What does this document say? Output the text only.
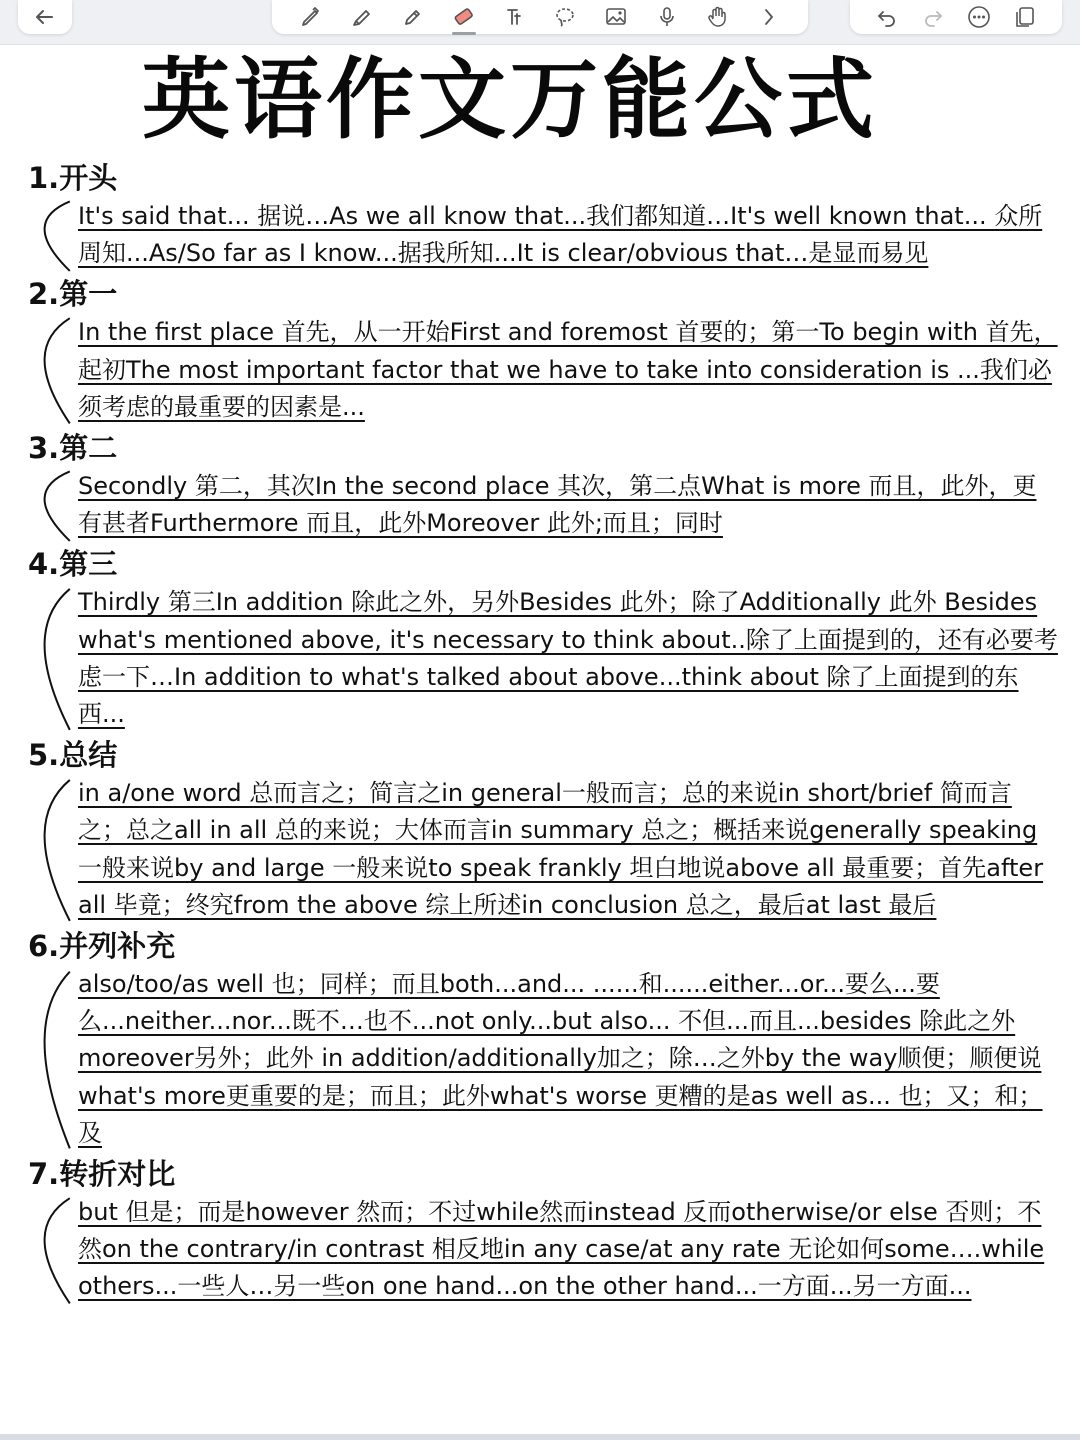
英语作文万能公式
1.开头
It's said that... 据说…As we all know that...我们都知道…It's well known that... 众所周知...As/So far as I know...据我所知...It is clear/obvious that…是显而易见
2.第一
In the first place 首先，从一开始First and foremost 首要的；第一To begin with 首先，起初The most important factor that we have to take into consideration is ...我们必须考虑的最重要的因素是...
3.第二
Secondly 第二，其次In the second place 其次，第二点What is more 而且，此外，更有甚者Furthermore 而且，此外Moreover 此外;而且；同时
4.第三
Thirdly 第三In addition 除此之外，另外Besides 此外；除了Additionally 此外 Besides what's mentioned above, it's necessary to think about..除了上面提到的，还有必要考虑一下…In addition to what's talked about above...think about 除了上面提到的东西...
5.总结
in a/one word 总而言之；简言之in general一般而言；总的来说in short/brief 简而言之；总之all in all 总的来说；大体而言in summary 总之；概括来说generally speaking一般来说by and large 一般来说to speak frankly 坦白地说above all 最重要；首先after all 毕竟；终究from the above 综上所述in conclusion 总之，最后at last 最后
6.并列补充
also/too/as well 也；同样；而且both...and... ......和......either...or...要么...要么...neither...nor...既不…也不...not only...but also... 不但...而且...besides 除此之外moreover另外；此外 in addition/additionally加之；除…之外by the way顺便；顺便说what's more更重要的是；而且；此外what's worse 更糟的是as well as... 也；又；和；及
7.转折对比
but 但是；而是however 然而；不过while然而instead 反而otherwise/or else 否则；不然on the contrary/in contrast 相反地in any case/at any rate 无论如何some….while others...一些人…另一些on one hand...on the other hand...一方面...另一方面...
